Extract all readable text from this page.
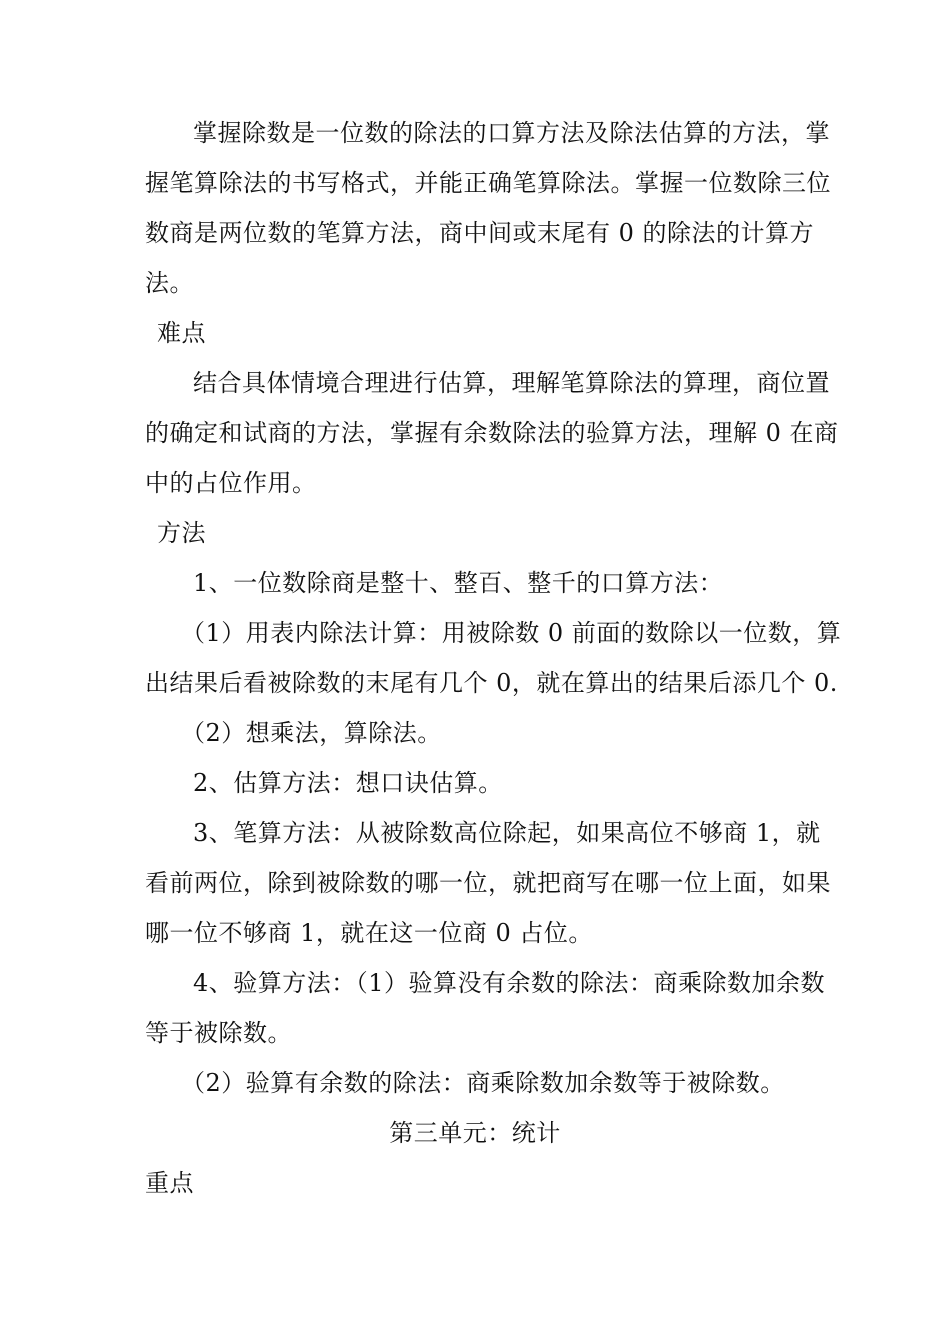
掌握除数是一位数的除法的口算方法及除法估算的方法，掌
握笔算除法的书写格式，并能正确笔算除法。掌握一位数除三位
数商是两位数的笔算方法，商中间或末尾有 0 的除法的计算方
法。
难点
结合具体情境合理进行估算，理解笔算除法的算理，商位置
的确定和试商的方法，掌握有余数除法的验算方法，理解 0 在商
中的占位作用。
方法
1、一位数除商是整十、整百、整千的口算方法：
（1）用表内除法计算：用被除数 0 前面的数除以一位数，算
出结果后看被除数的末尾有几个 0，就在算出的结果后添几个 0.
（2）想乘法，算除法。
2、估算方法：想口诀估算。
3、笔算方法：从被除数高位除起，如果高位不够商 1，就
看前两位，除到被除数的哪一位，就把商写在哪一位上面，如果
哪一位不够商 1，就在这一位商 0 占位。
4、验算方法：（1）验算没有余数的除法：商乘除数加余数
等于被除数。
（2）验算有余数的除法：商乘除数加余数等于被除数。
第三单元：统计
重点
